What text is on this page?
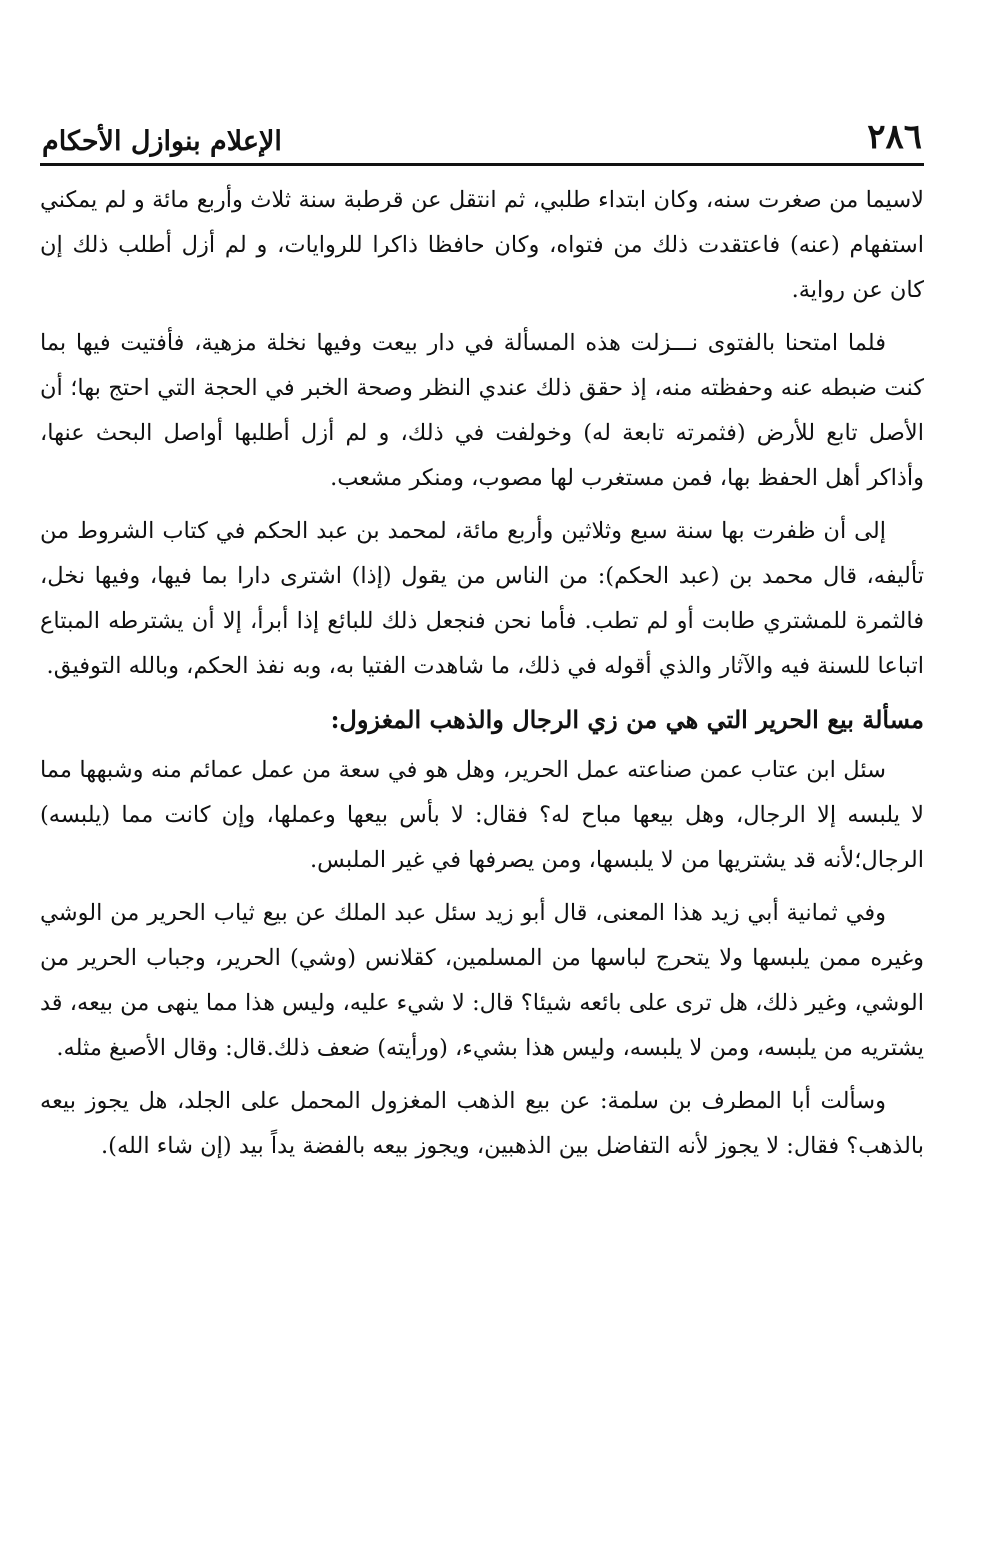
٢٨٦
الإعلام بنوازل الأحكام

لاسيما من صغرت سنه، وكان ابتداء طلبي، ثم انتقل عن قرطبة سنة ثلاث وأربع مائة و لم يمكني استفهام (عنه) فاعتقدت ذلك من فتواه، وكان حافظا ذاكرا للروايات، و لم أزل أطلب ذلك إن كان عن رواية.

فلما امتحنا بالفتوى نـــزلت هذه المسألة في دار بيعت وفيها نخلة مزهية، فأفتيت فيها بما كنت ضبطه عنه وحفظته منه، إذ حقق ذلك عندي النظر وصحة الخبر في الحجة التي احتج بها؛ أن الأصل تابع للأرض (فثمرته تابعة له) وخولفت في ذلك، و لم أزل أطلبها أواصل البحث عنها، وأذاكر أهل الحفظ بها، فمن مستغرب لها مصوب، ومنكر مشعب.

إلى أن ظفرت بها سنة سبع وثلاثين وأربع مائة، لمحمد بن عبد الحكم في كتاب الشروط من تأليفه، قال محمد بن (عبد الحكم): من الناس من يقول (إذا) اشترى دارا بما فيها، وفيها نخل، فالثمرة للمشتري طابت أو لم تطب. فأما نحن فنجعل ذلك للبائع إذا أبرأ، إلا أن يشترطه المبتاع اتباعا للسنة فيه والآثار والذي أقوله في ذلك، ما شاهدت الفتيا به، وبه نفذ الحكم، وبالله التوفيق.

مسألة بيع الحرير التي هي من زي الرجال والذهب المغزول:

سئل ابن عتاب عمن صناعته عمل الحرير، وهل هو في سعة من عمل عمائم منه وشبهها مما لا يلبسه إلا الرجال، وهل بيعها مباح له؟ فقال: لا بأس بيعها وعملها، وإن كانت مما (يلبسه) الرجال؛لأنه قد يشتريها من لا يلبسها، ومن يصرفها في غير الملبس.

وفي ثمانية أبي زيد هذا المعنى، قال أبو زيد سئل عبد الملك عن بيع ثياب الحرير من الوشي وغيره ممن يلبسها ولا يتحرج لباسها من المسلمين، كقلانس (وشي) الحرير، وجباب الحرير من الوشي، وغير ذلك، هل ترى على بائعه شيئا؟ قال: لا شيء عليه، وليس هذا مما ينهى من بيعه، قد يشتريه من يلبسه، ومن لا يلبسه، وليس هذا بشيء، (ورأيته) ضعف ذلك.قال: وقال الأصبغ مثله.

وسألت أبا المطرف بن سلمة: عن بيع الذهب المغزول المحمل على الجلد، هل يجوز بيعه بالذهب؟ فقال: لا يجوز لأنه التفاضل بين الذهبين، ويجوز بيعه بالفضة يداً بيد (إن شاء الله).
